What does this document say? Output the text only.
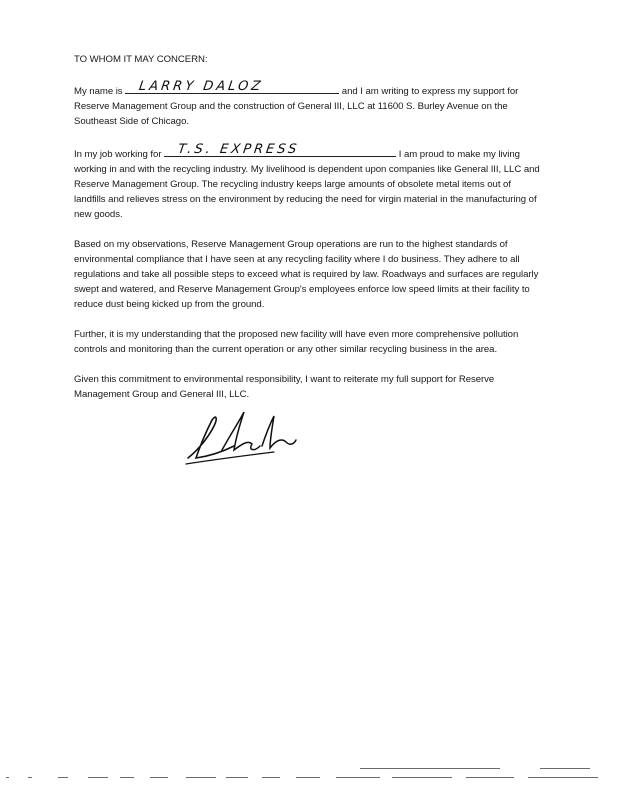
TO WHOM IT MAY CONCERN:

My name is LARRY DALOZ	and I am writing to express my support for Reserve Management Group and the construction of General III, LLC at 11600 S. Burley Avenue on the Southeast Side of Chicago.

In my job working for T.S. EXPRESS	I am proud to make my living working in and with the recycling industry. My livelihood is dependent upon companies like General III, LLC and Reserve Management Group. The recycling industry keeps large amounts of obsolete metal items out of landfills and relieves stress on the environment by reducing the need for virgin material in the manufacturing of new goods.

Based on my observations, Reserve Management Group operations are run to the highest standards of environmental compliance that I have seen at any recycling facility where I do business. They adhere to all regulations and take all possible steps to exceed what is required by law. Roadways and surfaces are regularly swept and watered, and Reserve Management Group's employees enforce low speed limits at their facility to reduce dust being kicked up from the ground.

Further, it is my understanding that the proposed new facility will have even more comprehensive pollution controls and monitoring than the current operation or any other similar recycling business in the area.

Given this commitment to environmental responsibility, I want to reiterate my full support for Reserve Management Group and General III, LLC.
